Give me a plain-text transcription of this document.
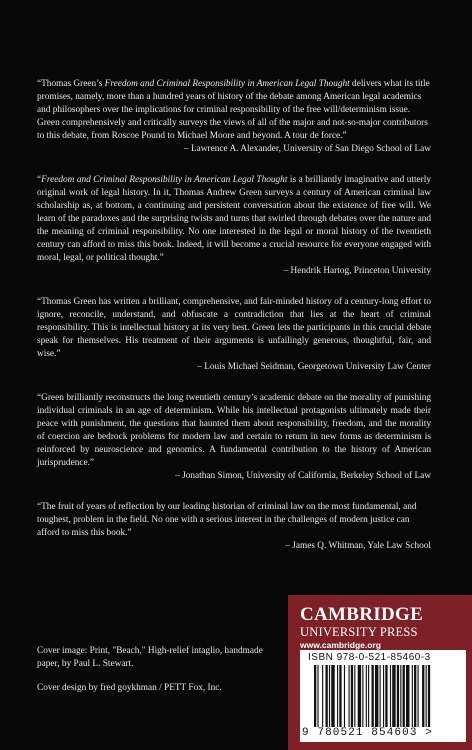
“Thomas Green’s Freedom and Criminal Responsibility in American Legal Thought delivers what its title promises, namely, more than a hundred years of history of the debate among American legal academics and philosophers over the implications for criminal responsibility of the free will/determinism issue. Green comprehensively and critically surveys the views of all of the major and not-so-major contributors to this debate, from Roscoe Pound to Michael Moore and beyond. A tour de force.”
– Lawrence A. Alexander, University of San Diego School of Law
“Freedom and Criminal Responsibility in American Legal Thought is a brilliantly imaginative and utterly original work of legal history. In it, Thomas Andrew Green surveys a century of American criminal law scholarship as, at bottom, a continuing and persistent conversation about the existence of free will. We learn of the paradoxes and the surprising twists and turns that swirled through debates over the nature and the meaning of criminal responsibility. No one interested in the legal or moral history of the twentieth century can afford to miss this book. Indeed, it will become a crucial resource for everyone engaged with moral, legal, or political thought.”
– Hendrik Hartog, Princeton University
“Thomas Green has written a brilliant, comprehensive, and fair-minded history of a century-long effort to ignore, reconcile, understand, and obfuscate a contradiction that lies at the heart of criminal responsibility. This is intellectual history at its very best. Green lets the participants in this crucial debate speak for themselves. His treatment of their arguments is unfailingly generous, thoughtful, fair, and wise.”
– Louis Michael Seidman, Georgetown University Law Center
“Green brilliantly reconstructs the long twentieth century’s academic debate on the morality of punishing individual criminals in an age of determinism. While his intellectual protagonists ultimately made their peace with punishment, the questions that haunted them about responsibility, freedom, and the morality of coercion are bedrock problems for modern law and certain to return in new forms as determinism is reinforced by neuroscience and genomics. A fundamental contribution to the history of American jurisprudence.”
– Jonathan Simon, University of California, Berkeley School of Law
“The fruit of years of reflection by our leading historian of criminal law on the most fundamental, and toughest, problem in the field. No one with a serious interest in the challenges of modern justice can afford to miss this book.”
– James Q. Whitman, Yale Law School

Cover image: Print, "Beach," High-relief intaglio, handmade paper, by Paul L. Stewart.

Cover design by fred goykhman / PETT Fox, Inc.

CAMBRIDGE
UNIVERSITY PRESS
www.cambridge.org
ISBN 978-0-521-85460-3
9 780521 854603 >
